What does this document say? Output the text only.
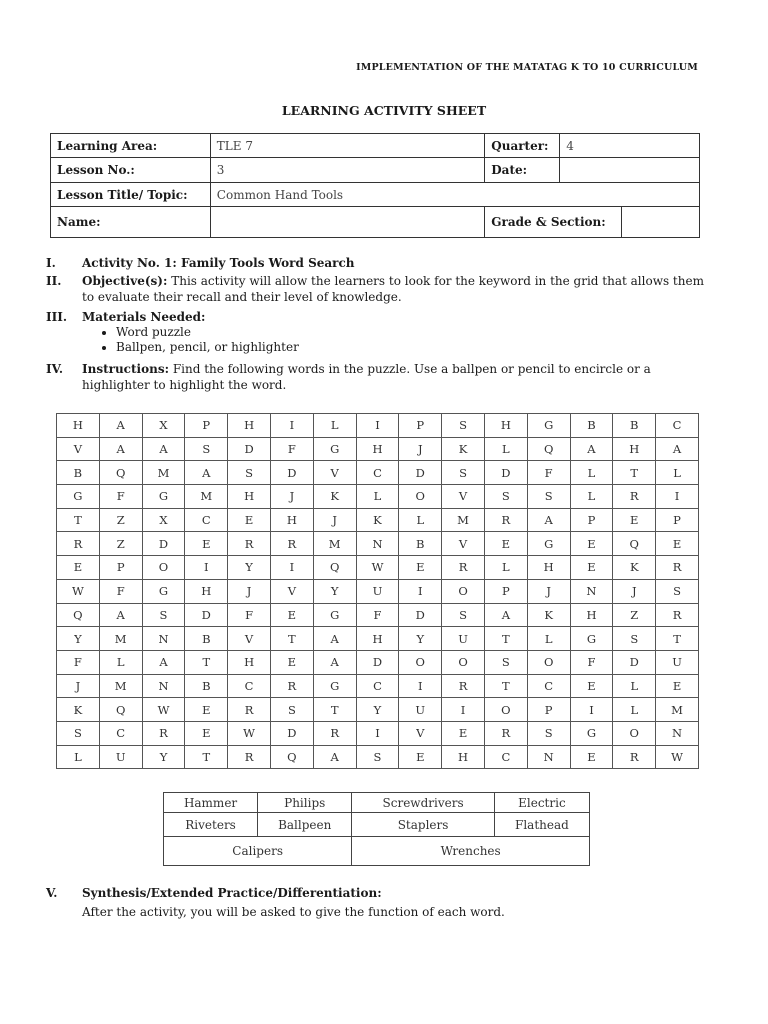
IMPLEMENTATION OF THE MATATAG K TO 10 CURRICULUM
LEARNING ACTIVITY SHEET
Learning Area:	TLE 7	Quarter:	4	
Lesson No.:	3	Date:		
Lesson Title/ Topic:	Common Hand Tools			
Name:		Grade & Section:		
I.	Activity No. 1: Family Tools Word Search
II.	Objective(s): This activity will allow the learners to look for the keyword in the grid that allows them to evaluate their recall and their level of knowledge.
III.	Materials Needed:
• Word puzzle
• Ballpen, pencil, or highlighter
IV.	Instructions: Find the following words in the puzzle. Use a ballpen or pencil to encircle or a highlighter to highlight the word.
H	A	X	P	H	I	L	I	P	S	H	G	B	B	C
V	A	A	S	D	F	G	H	J	K	L	Q	A	H	A
B	Q	M	A	S	D	V	C	D	S	D	F	L	T	L
G	F	G	M	H	J	K	L	O	V	S	S	L	R	I
T	Z	X	C	E	H	J	K	L	M	R	A	P	E	P
R	Z	D	E	R	R	M	N	B	V	E	G	E	Q	E
E	P	O	I	Y	I	Q	W	E	R	L	H	E	K	R
W	F	G	H	J	V	Y	U	I	O	P	J	N	J	S
Q	A	S	D	F	E	G	F	D	S	A	K	H	Z	R
Y	M	N	B	V	T	A	H	Y	U	T	L	G	S	T
F	L	A	T	H	E	A	D	O	O	S	O	F	D	U
J	M	N	B	C	R	G	C	I	R	T	C	E	L	E
K	Q	W	E	R	S	T	Y	U	I	O	P	I	L	M
S	C	R	E	W	D	R	I	V	E	R	S	G	O	N
L	U	Y	T	R	Q	A	S	E	H	C	N	E	R	W
Hammer	Philips	Screwdrivers	Electric
Riveters	Ballpeen	Staplers	Flathead
Calipers		Wrenches	
V.	Synthesis/Extended Practice/Differentiation:
After the activity, you will be asked to give the function of each word.
